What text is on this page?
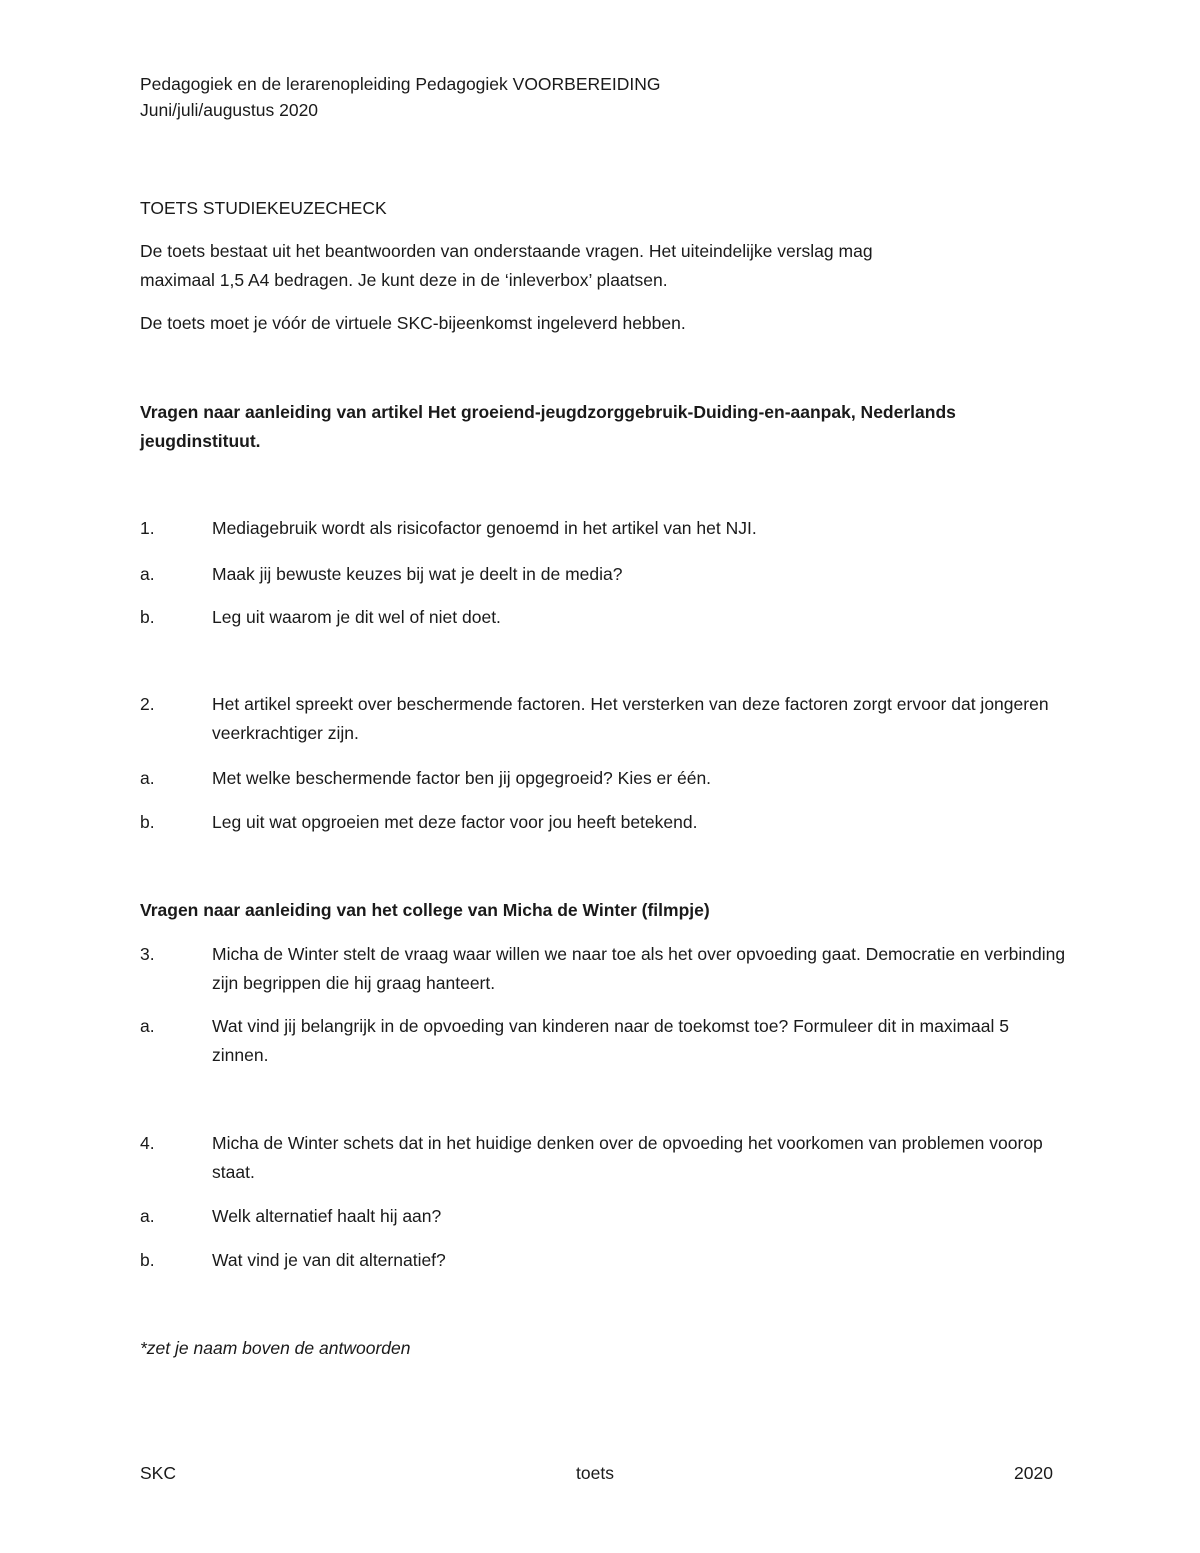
Pedagogiek en de lerarenopleiding Pedagogiek VOORBEREIDING

Juni/juli/augustus 2020

TOETS STUDIEKEUZECHECK

De toets bestaat uit het beantwoorden van onderstaande vragen. Het uiteindelijke verslag mag

maximaal 1,5 A4 bedragen. Je kunt deze in de ‘inleverbox’ plaatsen.

De toets moet je vóór de virtuele SKC-bijeenkomst ingeleverd hebben.

Vragen naar aanleiding van artikel Het groeiend-jeugdzorggebruik-Duiding-en-aanpak, Nederlands

jeugdinstituut.

1.	Mediagebruik wordt als risicofactor genoemd in het artikel van het NJI.
a.	Maak jij bewuste keuzes bij wat je deelt in de media?
b.	Leg uit waarom je dit wel of niet doet.
2.	Het artikel spreekt over beschermende factoren. Het versterken van deze factoren zorgt ervoor dat jongeren veerkrachtiger zijn.
a.	Met welke beschermende factor ben jij opgegroeid? Kies er één.
b.	Leg uit wat opgroeien met deze factor voor jou heeft betekend.

Vragen naar aanleiding van het college van Micha de Winter (filmpje)

3.	Micha de Winter stelt de vraag waar willen we naar toe als het over opvoeding gaat. Democratie en verbinding zijn begrippen die hij graag hanteert.
a.	Wat vind jij belangrijk in de opvoeding van kinderen naar de toekomst toe? Formuleer dit in maximaal 5 zinnen.
4.	Micha de Winter schets dat in het huidige denken over de opvoeding het voorkomen van problemen voorop staat.
a.	Welk alternatief haalt hij aan?
b.	Wat vind je van dit alternatief?

*zet je naam boven de antwoorden

SKC	toets	2020
